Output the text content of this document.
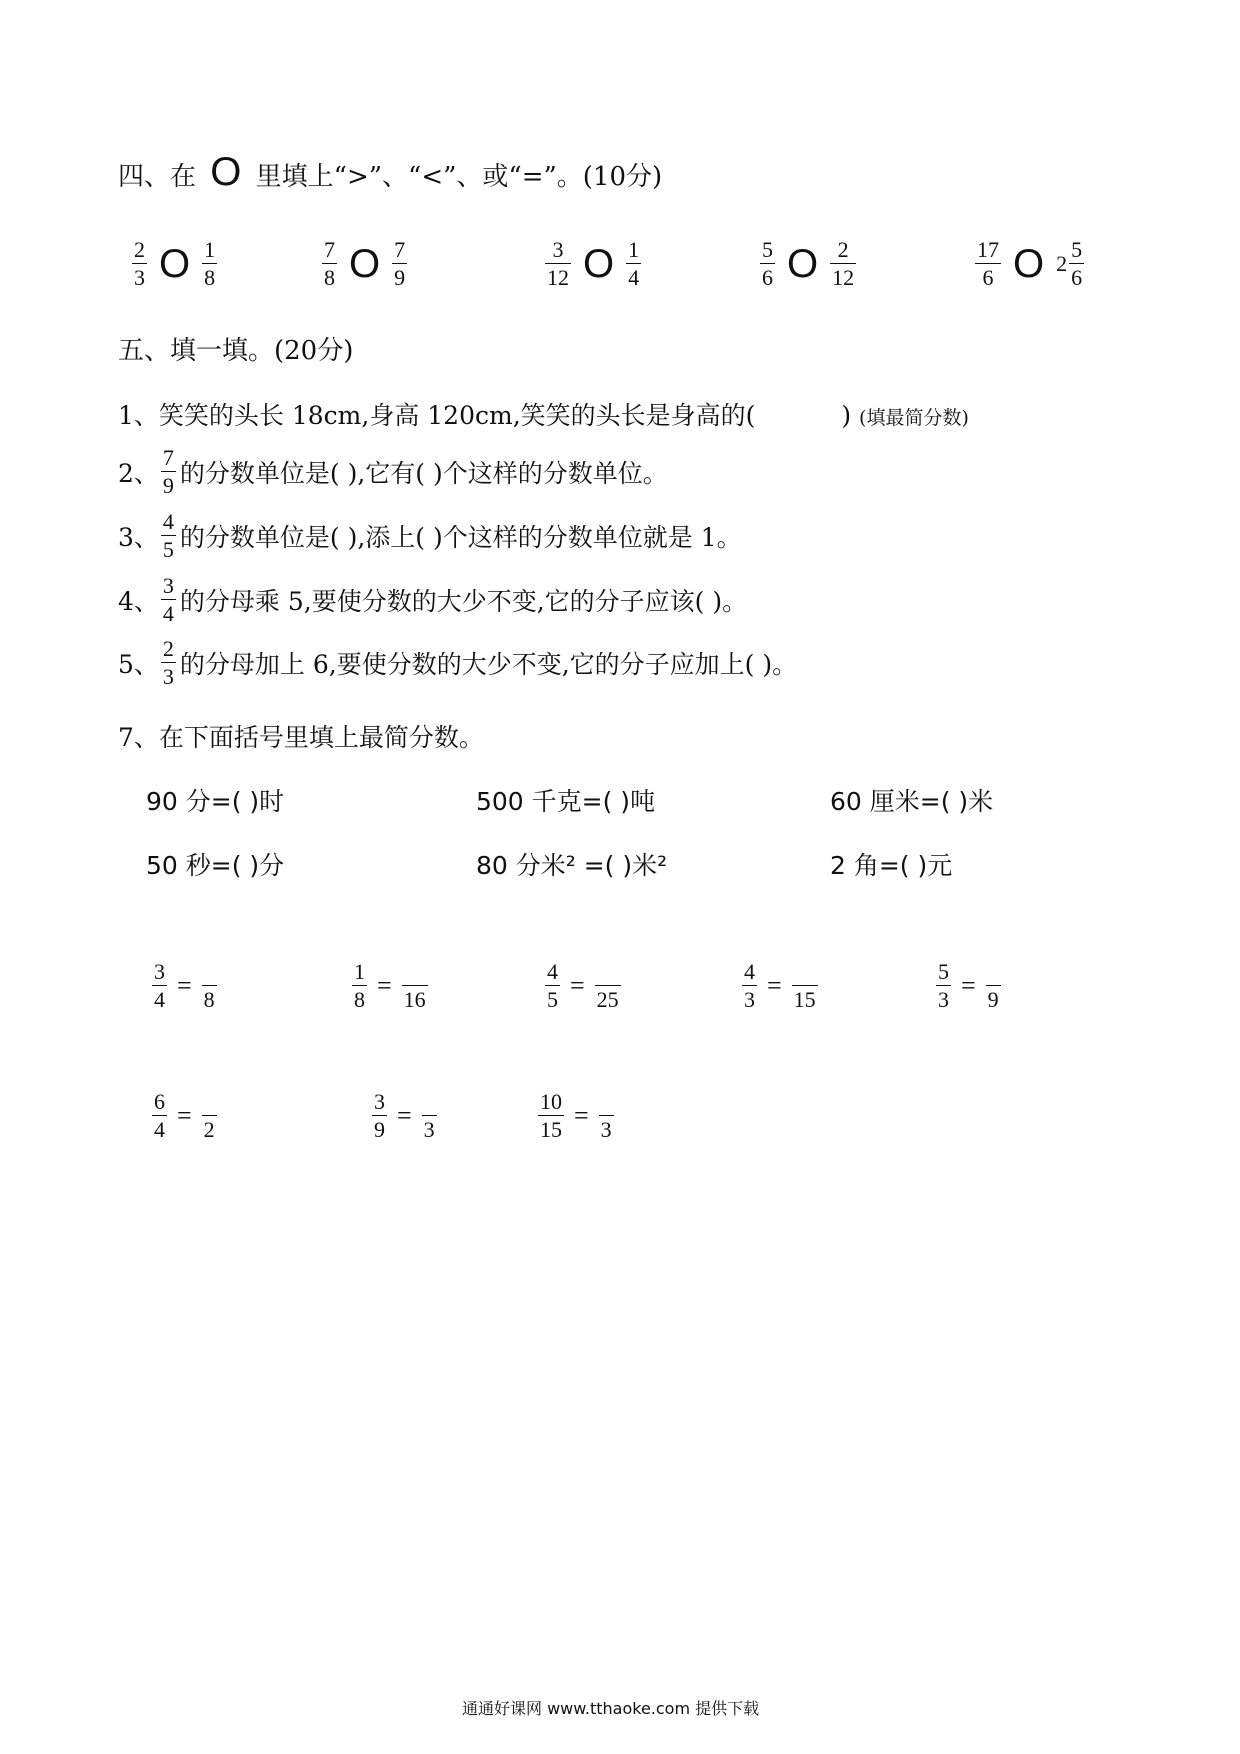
四、在 O 里填上“>”、“<”、或“=”。(10分)
$\frac{2}{3}$ O $\frac{1}{8}$	$\frac{7}{8}$ O $\frac{7}{9}$	$\frac{3}{12}$ O $\frac{1}{4}$	$\frac{5}{6}$ O $\frac{2}{12}$	$\frac{17}{6}$ O $2 \frac{5}{6}$
五、填一填。(20分)
1、笑笑的头长 18cm,身高 120cm,笑笑的头长是身高的(	) (填最简分数)
2、 $\frac{7}{9}$ 的分数单位是( ),它有( )个这样的分数单位。
3、 $\frac{4}{5}$ 的分数单位是( ),添上( )个这样的分数单位就是 1。
4、 $\frac{3}{4}$ 的分母乘 5,要使分数的大少不变,它的分子应该( )。
5、 $\frac{2}{3}$ 的分母加上 6,要使分数的大少不变,它的分子应加上( )。
7、在下面括号里填上最简分数。
90 分=( )时	500 千克=( )吨	60 厘米=( )米
50 秒=( )分	80 分米² =( )米²	2 角=( )元
$\frac{3}{4} = 8$	$\frac{1}{8} = 16$	$\frac{4}{5} = 25$	$\frac{4}{3} = 15$	$\frac{5}{3} = 9$
$\frac{6}{4} = 2$	$\frac{3}{9} = 3$	$\frac{10}{15} = 3$
通通好课网 www.tthaoke.com 提供下载
